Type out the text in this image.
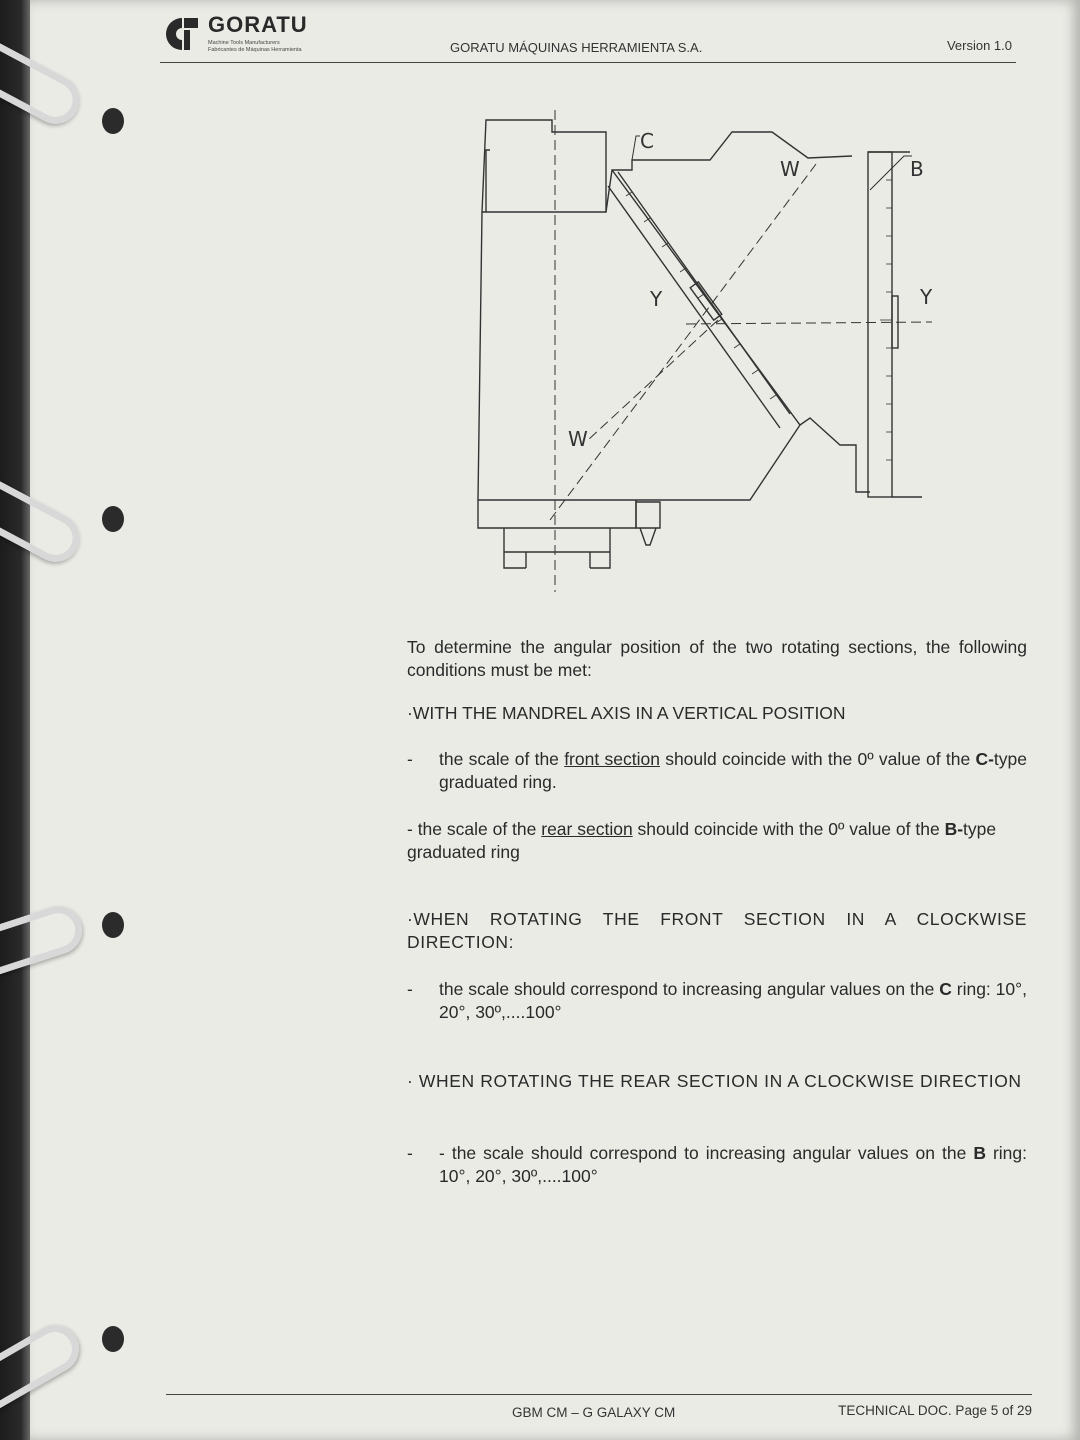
GORATU
Machine Tools Manufacturers
Fabricantes de Máquinas Herramienta	GORATU MÁQUINAS HERRAMIENTA S.A.	Version 1.0
C
B
W
W
Y	Y
To determine the angular position of the two rotating sections, the following conditions must be met:
·WITH THE MANDREL AXIS IN A VERTICAL POSITION
- the scale of the front section should coincide with the 0º value of the C-type graduated ring.
- the scale of the rear section should coincide with the 0º value of the B-type graduated ring
·WHEN ROTATING THE FRONT SECTION IN A CLOCKWISE DIRECTION:
- the scale should correspond to increasing angular values on the C ring: 10°, 20°, 30º,....100°
· WHEN ROTATING THE REAR SECTION IN A CLOCKWISE DIRECTION
- - the scale should correspond to increasing angular values on the B ring: 10°, 20°, 30º,....100°
GBM CM – G GALAXY CM	TECHNICAL DOC. Page 5 of 29
